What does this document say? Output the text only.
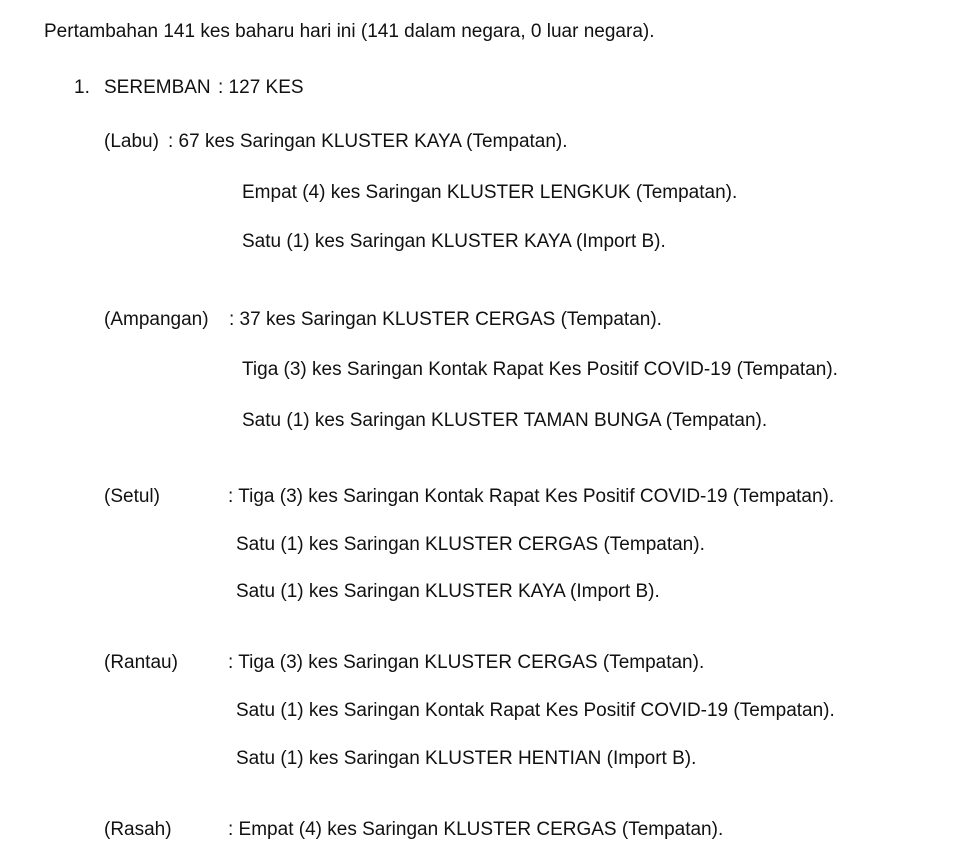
Pertambahan 141 kes baharu hari ini (141 dalam negara, 0 luar negara).
1. SEREMBAN : 127 KES
(Labu) : 67 kes Saringan KLUSTER KAYA (Tempatan).
Empat (4) kes Saringan KLUSTER LENGKUK (Tempatan).
Satu (1) kes Saringan KLUSTER KAYA (Import B).
(Ampangan) : 37 kes Saringan KLUSTER CERGAS (Tempatan).
Tiga (3) kes Saringan Kontak Rapat Kes Positif COVID-19 (Tempatan).
Satu (1) kes Saringan KLUSTER TAMAN BUNGA (Tempatan).
(Setul)	: Tiga (3) kes Saringan Kontak Rapat Kes Positif COVID-19 (Tempatan).
Satu (1) kes Saringan KLUSTER CERGAS (Tempatan).
Satu (1) kes Saringan KLUSTER KAYA (Import B).
(Rantau)	: Tiga (3) kes Saringan KLUSTER CERGAS (Tempatan).
Satu (1) kes Saringan Kontak Rapat Kes Positif COVID-19 (Tempatan).
Satu (1) kes Saringan KLUSTER HENTIAN (Import B).
(Rasah)	: Empat (4) kes Saringan KLUSTER CERGAS (Tempatan).
